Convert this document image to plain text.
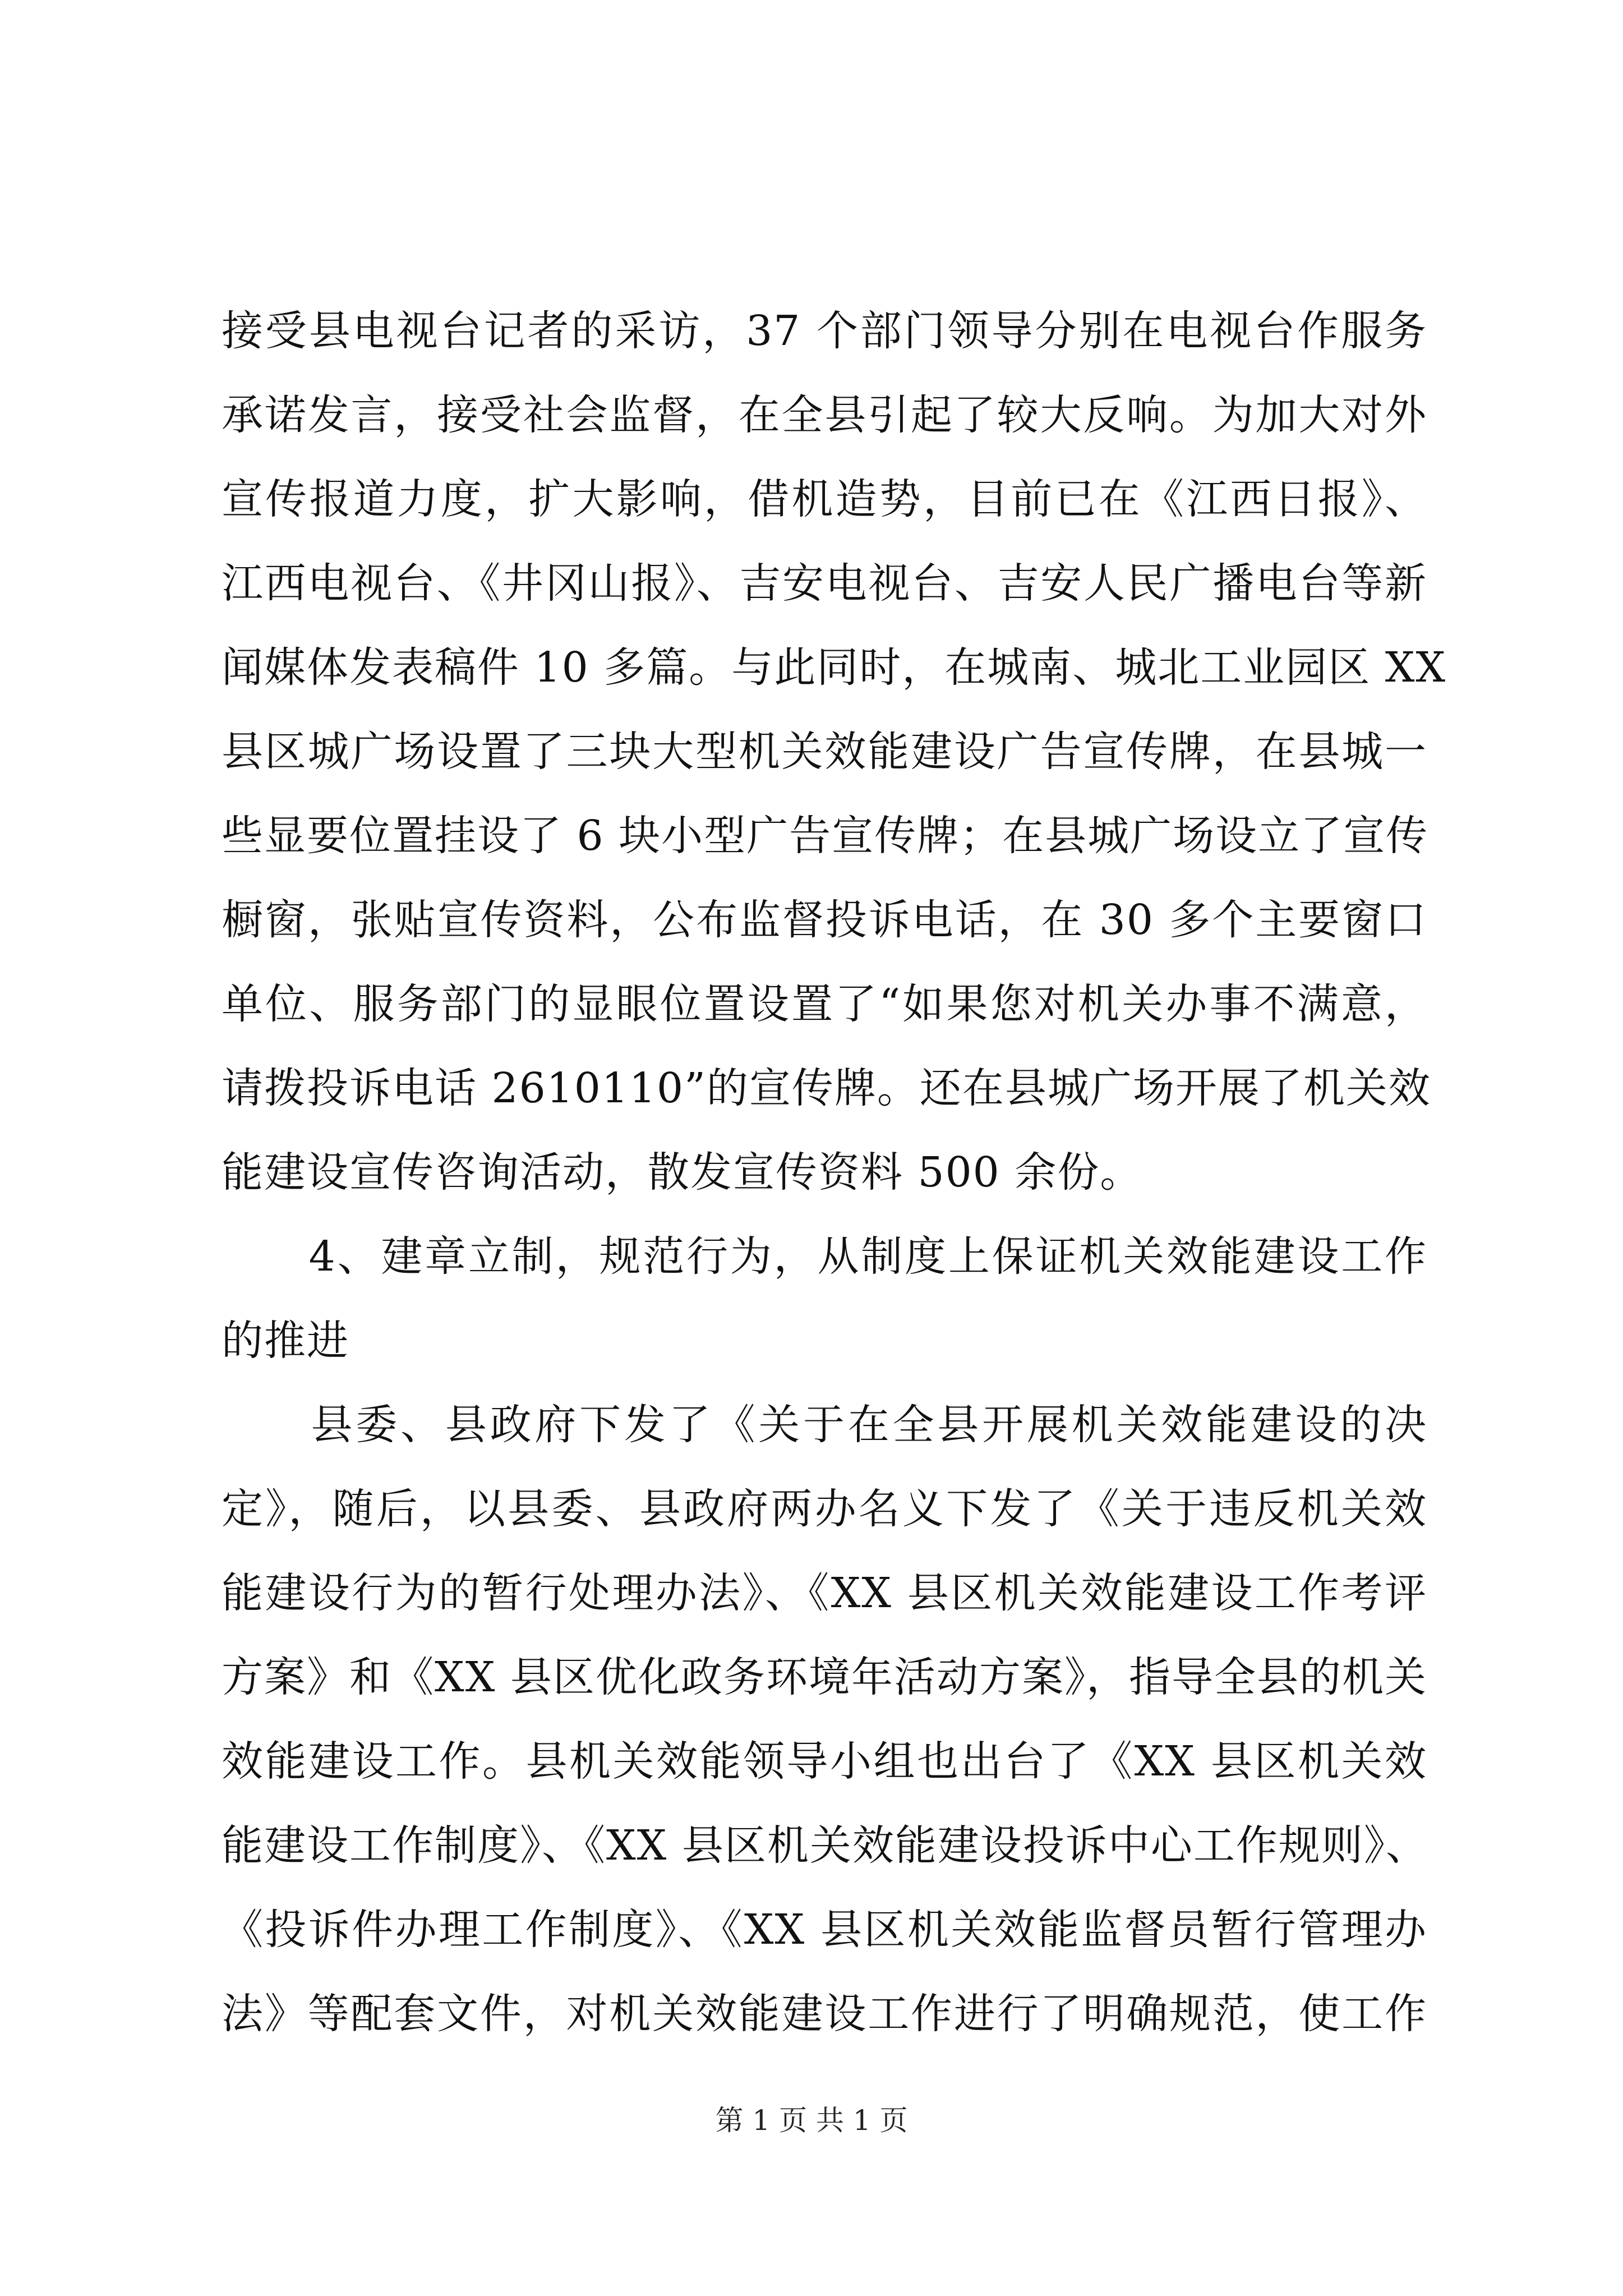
接受县电视台记者的采访，37 个部门领导分别在电视台作服务
承诺发言，接受社会监督，在全县引起了较大反响。为加大对外
宣传报道力度，扩大影响，借机造势，目前已在《江西日报》、
江西电视台、《井冈山报》、吉安电视台、吉安人民广播电台等新
闻媒体发表稿件 10 多篇。与此同时，在城南、城北工业园区 XX
县区城广场设置了三块大型机关效能建设广告宣传牌，在县城一
些显要位置挂设了 6 块小型广告宣传牌；在县城广场设立了宣传
橱窗，张贴宣传资料，公布监督投诉电话，在 30 多个主要窗口
单位、服务部门的显眼位置设置了“如果您对机关办事不满意，
请拨投诉电话 2610110”的宣传牌。还在县城广场开展了机关效
能建设宣传咨询活动，散发宣传资料 500 余份。
　　4、建章立制，规范行为，从制度上保证机关效能建设工作
的推进
　　县委、县政府下发了《关于在全县开展机关效能建设的决
定》，随后，以县委、县政府两办名义下发了《关于违反机关效
能建设行为的暂行处理办法》、《XX 县区机关效能建设工作考评
方案》和《XX 县区优化政务环境年活动方案》，指导全县的机关
效能建设工作。县机关效能领导小组也出台了《XX 县区机关效
能建设工作制度》、《XX 县区机关效能建设投诉中心工作规则》、
《投诉件办理工作制度》、《XX 县区机关效能监督员暂行管理办
法》等配套文件，对机关效能建设工作进行了明确规范，使工作
第 1 页 共 1 页
